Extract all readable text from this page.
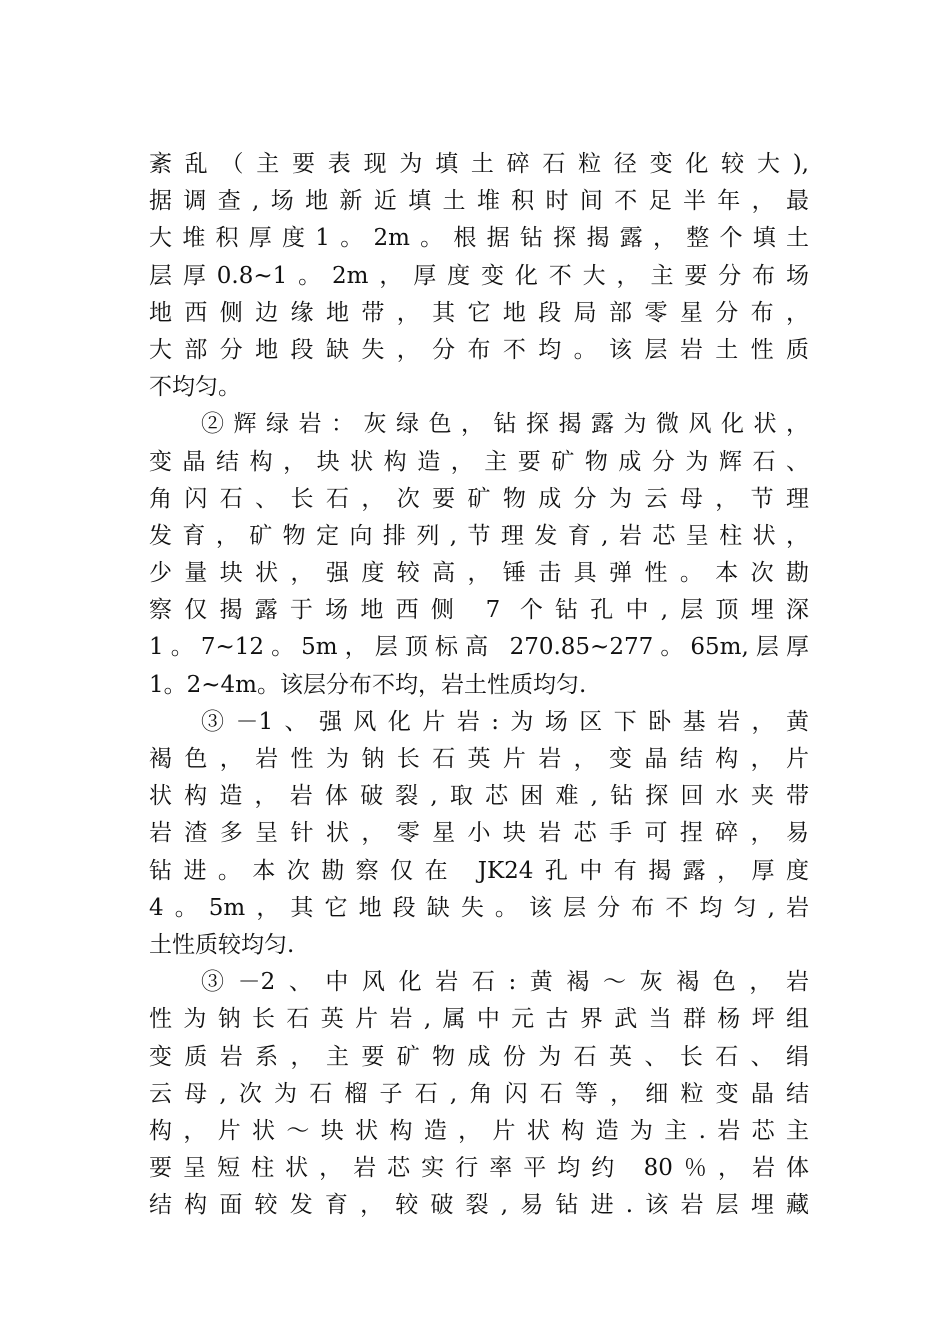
紊乱（主要表现为填土碎石粒径变化较大),
据调查,场地新近填土堆积时间不足半年，最
大堆积厚度1。2m。根据钻探揭露，整个填土
层厚0.8~1。2m，厚度变化不大，主要分布场
地西侧边缘地带，其它地段局部零星分布，
大部分地段缺失，分布不均。该层岩土性质
不均匀。
②辉绿岩：灰绿色，钻探揭露为微风化状，
变晶结构，块状构造，主要矿物成分为辉石、
角闪石、长石，次要矿物成分为云母，节理
发育，矿物定向排列,节理发育,岩芯呈柱状，
少量块状，强度较高，锤击具弹性。本次勘
察仅揭露于场地西侧 7 个钻孔中,层顶埋深
1。7~12。5m，层顶标高 270.85~277。65m,层厚
1。2~4m。该层分布不均，岩土性质均匀.
③－1、强风化片岩:为场区下卧基岩，黄
褐色，岩性为钠长石英片岩，变晶结构，片
状构造，岩体破裂,取芯困难,钻探回水夹带
岩渣多呈针状，零星小块岩芯手可捏碎，易
钻进。本次勘察仅在 JK24孔中有揭露，厚度
4。5m，其它地段缺失。该层分布不均匀,岩
土性质较均匀.
③－2、中风化岩石:黄褐～灰褐色，岩
性为钠长石英片岩,属中元古界武当群杨坪组
变质岩系，主要矿物成份为石英、长石、绢
云母,次为石榴子石,角闪石等，细粒变晶结
构，片状～块状构造，片状构造为主.岩芯主
要呈短柱状，岩芯实行率平均约 80％，岩体
结构面较发育，较破裂,易钻进.该岩层埋藏
